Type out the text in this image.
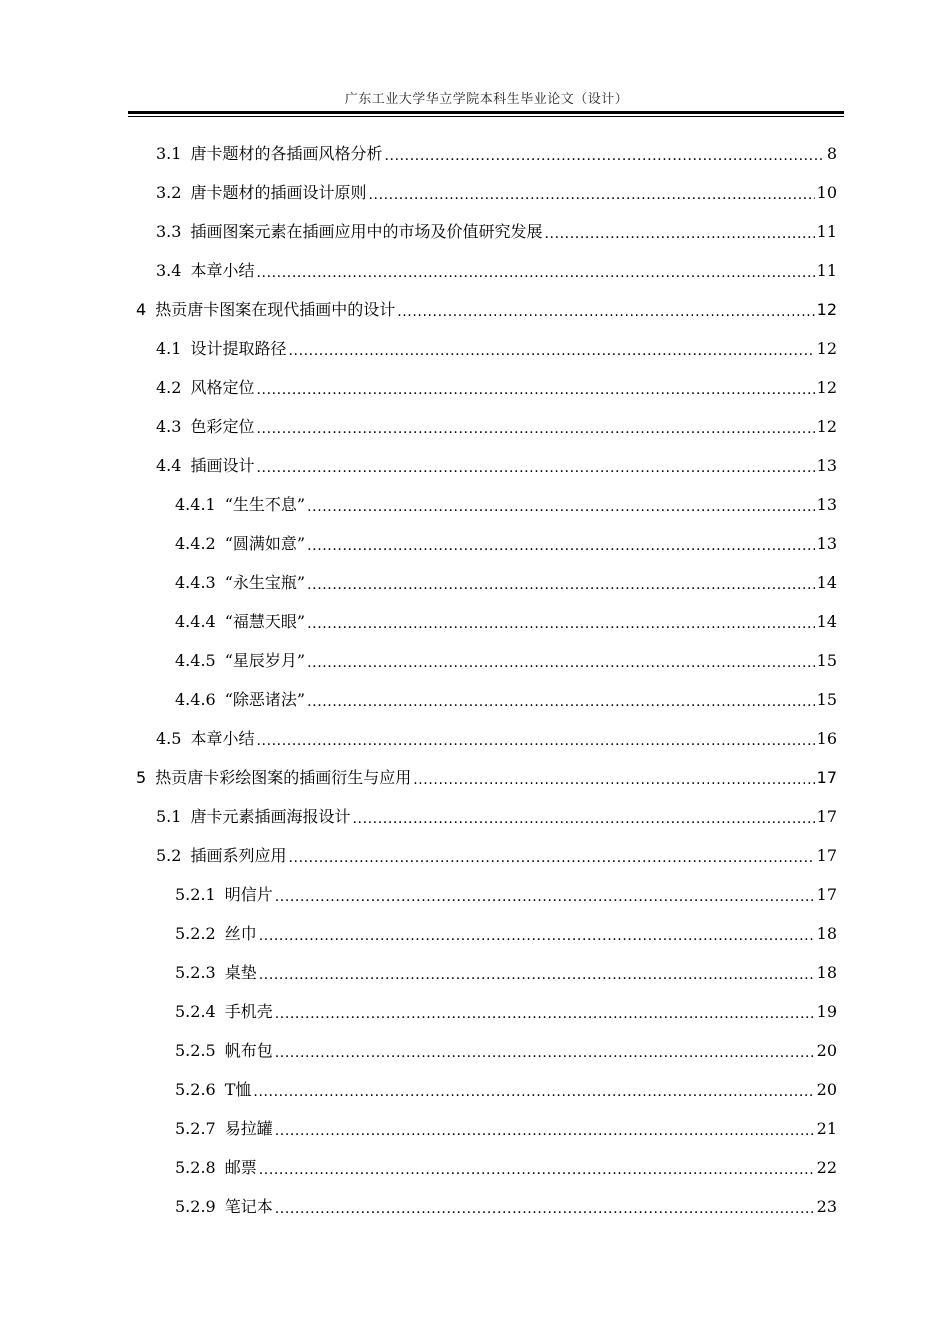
广东工业大学华立学院本科生毕业论文（设计）
3.1 唐卡题材的各插画风格分析 .....	8
3.2 唐卡题材的插画设计原则 .....	10
3.3 插画图案元素在插画应用中的市场及价值研究发展 .....	11
3.4 本章小结 .....	11
4 热贡唐卡图案在现代插画中的设计 .....	12
4.1 设计提取路径 .....	12
4.2 风格定位 .....	12
4.3 色彩定位 .....	12
4.4 插画设计 .....	13
4.4.1 “生生不息” .....	13
4.4.2 “圆满如意” .....	13
4.4.3 “永生宝瓶” .....	14
4.4.4 “福慧天眼” .....	14
4.4.5 “星辰岁月” .....	15
4.4.6 “除恶诸法” .....	15
4.5 本章小结 .....	16
5 热贡唐卡彩绘图案的插画衍生与应用 .....	17
5.1 唐卡元素插画海报设计 .....	17
5.2 插画系列应用 .....	17
5.2.1 明信片 .....	17
5.2.2 丝巾 .....	18
5.2.3 桌垫 .....	18
5.2.4 手机壳 .....	19
5.2.5 帆布包 .....	20
5.2.6 T恤 .....	20
5.2.7 易拉罐 .....	21
5.2.8 邮票 .....	22
5.2.9 笔记本 .....	23
